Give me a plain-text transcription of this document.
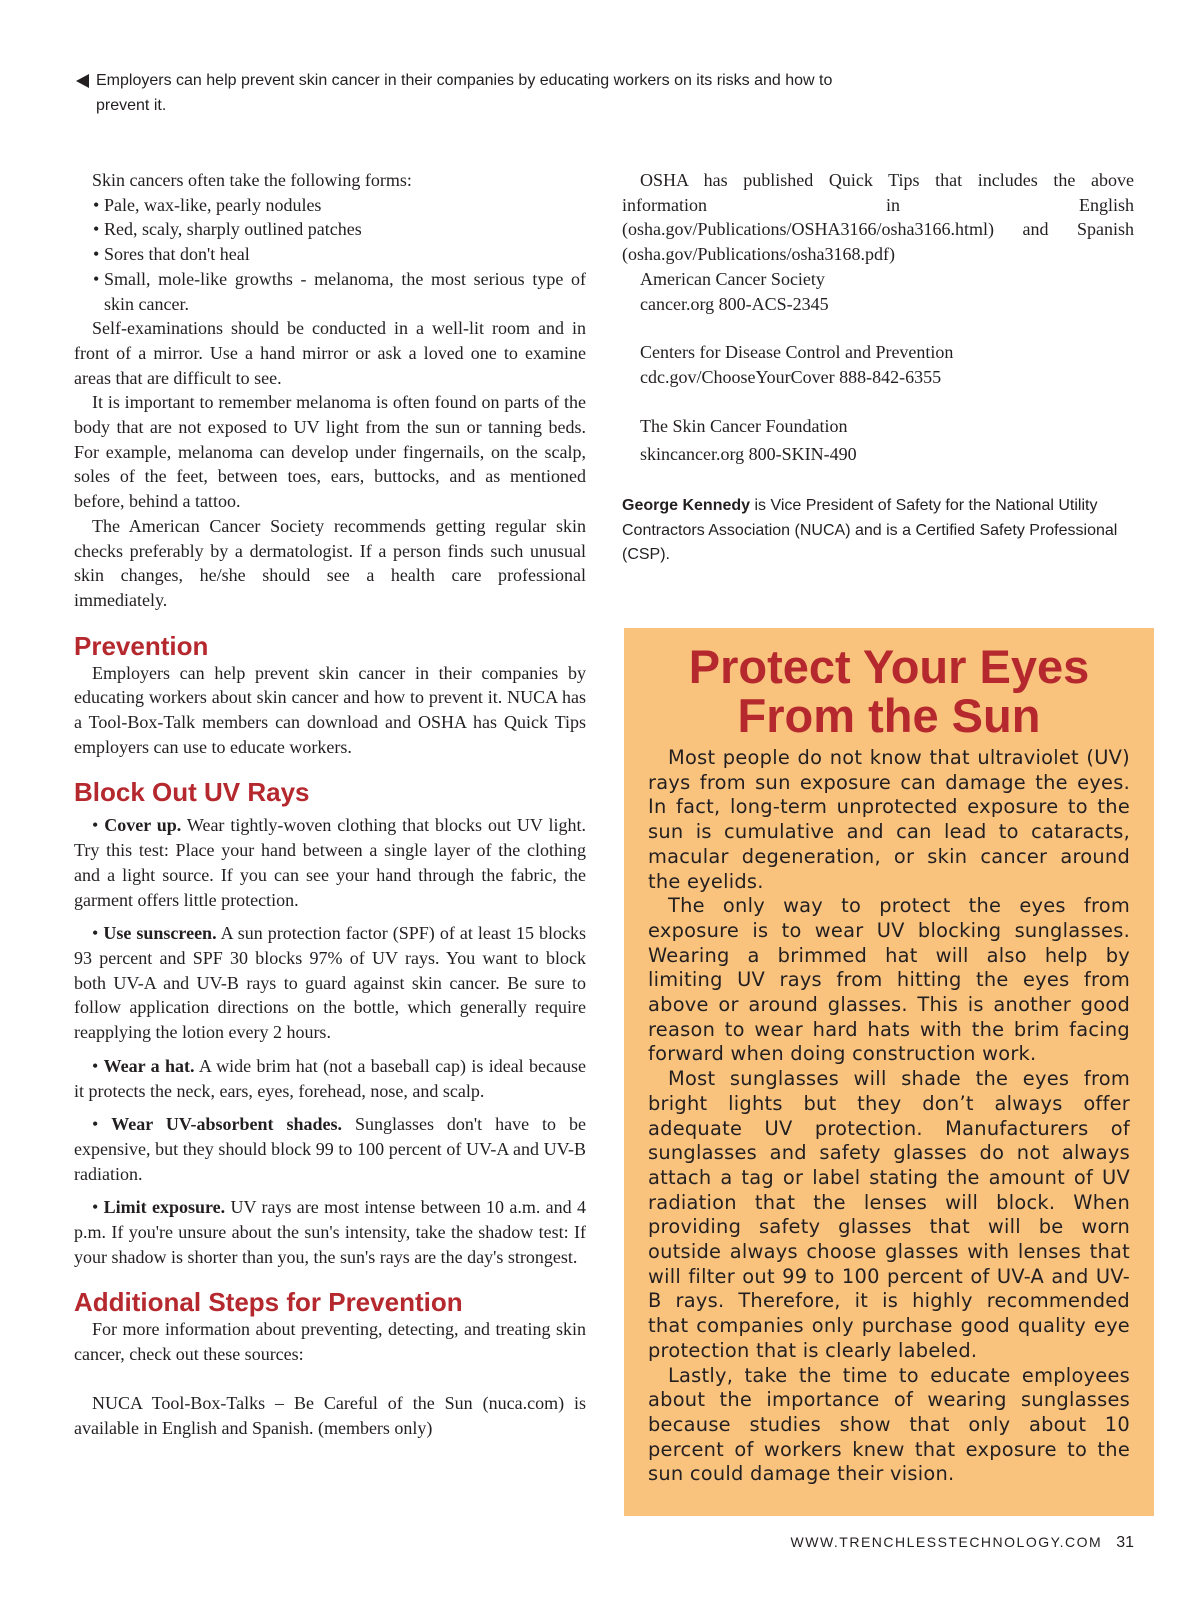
Employers can help prevent skin cancer in their companies by educating workers on its risks and how to prevent it.

Skin cancers often take the following forms:

• Pale, wax-like, pearly nodules
• Red, scaly, sharply outlined patches
• Sores that don't heal
• Small, mole-like growths - melanoma, the most serious type of skin cancer.

Self-examinations should be conducted in a well-lit room and in front of a mirror. Use a hand mirror or ask a loved one to examine areas that are difficult to see.

It is important to remember melanoma is often found on parts of the body that are not exposed to UV light from the sun or tanning beds. For example, melanoma can develop under fingernails, on the scalp, soles of the feet, between toes, ears, buttocks, and as mentioned before, behind a tattoo.

The American Cancer Society recommends getting regular skin checks preferably by a dermatologist. If a person finds such unusual skin changes, he/she should see a health care professional immediately.

Prevention

Employers can help prevent skin cancer in their companies by educating workers about skin cancer and how to prevent it. NUCA has a Tool-Box-Talk members can download and OSHA has Quick Tips employers can use to educate workers.

Block Out UV Rays

• Cover up. Wear tightly-woven clothing that blocks out UV light. Try this test: Place your hand between a single layer of the clothing and a light source. If you can see your hand through the fabric, the garment offers little protection.

• Use sunscreen. A sun protection factor (SPF) of at least 15 blocks 93 percent and SPF 30 blocks 97% of UV rays. You want to block both UV-A and UV-B rays to guard against skin cancer. Be sure to follow application directions on the bottle, which generally require reapplying the lotion every 2 hours.

• Wear a hat. A wide brim hat (not a baseball cap) is ideal because it protects the neck, ears, eyes, forehead, nose, and scalp.

• Wear UV-absorbent shades. Sunglasses don't have to be expensive, but they should block 99 to 100 percent of UV-A and UV-B radiation.

• Limit exposure. UV rays are most intense between 10 a.m. and 4 p.m. If you're unsure about the sun's intensity, take the shadow test: If your shadow is shorter than you, the sun's rays are the day's strongest.

Additional Steps for Prevention

For more information about preventing, detecting, and treating skin cancer, check out these sources:

NUCA Tool-Box-Talks – Be Careful of the Sun (nuca.com) is available in English and Spanish. (members only)

OSHA has published Quick Tips that includes the above information in English (osha.gov/Publications/OSHA3166/osha3166.html) and Spanish (osha.gov/Publications/osha3168.pdf)

American Cancer Society

cancer.org 800-ACS-2345

Centers for Disease Control and Prevention

cdc.gov/ChooseYourCover 888-842-6355

The Skin Cancer Foundation

skincancer.org 800-SKIN-490

George Kennedy is Vice President of Safety for the National Utility Contractors Association (NUCA) and is a Certified Safety Professional (CSP).
Protect Your Eyes
From the Sun

Most people do not know that ultraviolet (UV) rays from sun exposure can damage the eyes. In fact, long-term unprotected exposure to the sun is cumulative and can lead to cataracts, macular degeneration, or skin cancer around the eyelids.

The only way to protect the eyes from exposure is to wear UV blocking sunglasses. Wearing a brimmed hat will also help by limiting UV rays from hitting the eyes from above or around glasses. This is another good reason to wear hard hats with the brim facing forward when doing construction work.

Most sunglasses will shade the eyes from bright lights but they don’t always offer adequate UV protection. Manufacturers of sunglasses and safety glasses do not always attach a tag or label stating the amount of UV radiation that the lenses will block. When providing safety glasses that will be worn outside always choose glasses with lenses that will filter out 99 to 100 percent of UV-A and UV-B rays. Therefore, it is highly recommended that companies only purchase good quality eye protection that is clearly labeled.

Lastly, take the time to educate employees about the importance of wearing sunglasses because studies show that only about 10 percent of workers knew that exposure to the sun could damage their vision.

WWW.TRENCHLESSTECHNOLOGY.COM 31
